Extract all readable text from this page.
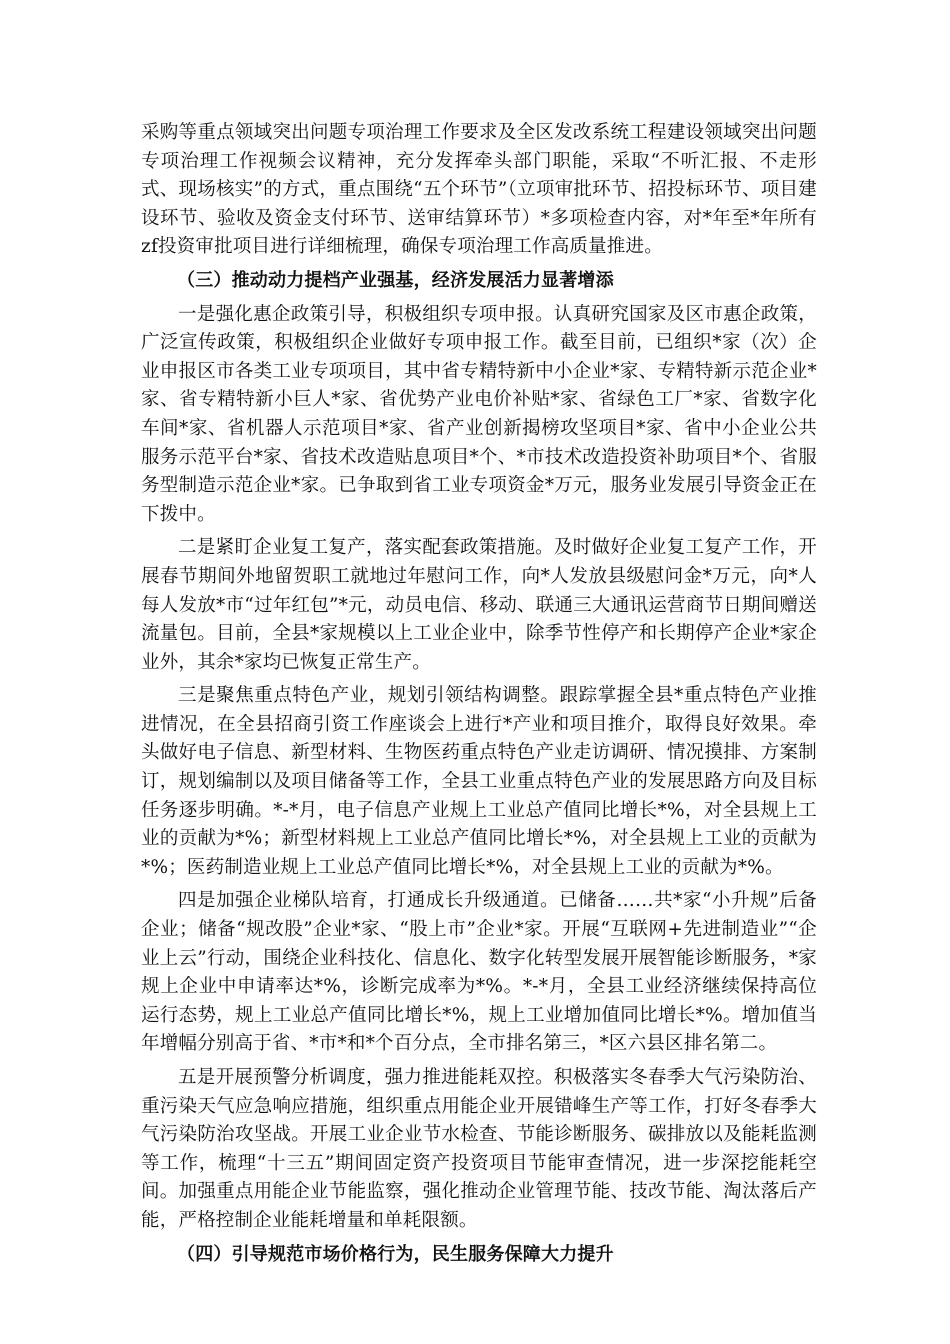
采购等重点领域突出问题专项治理工作要求及全区发改系统工程建设领域突出问题专项治理工作视频会议精神，充分发挥牵头部门职能，采取“不听汇报、不走形式、现场核实”的方式，重点围绕“五个环节”（立项审批环节、招投标环节、项目建设环节、验收及资金支付环节、送审结算环节）*多项检查内容，对*年至*年所有zf投资审批项目进行详细梳理，确保专项治理工作高质量推进。

（三）推动动力提档产业强基，经济发展活力显著增添

一是强化惠企政策引导，积极组织专项申报。认真研究国家及区市惠企政策，广泛宣传政策，积极组织企业做好专项申报工作。截至目前，已组织*家（次）企业申报区市各类工业专项项目，其中省专精特新中小企业*家、专精特新示范企业*家、省专精特新小巨人*家、省优势产业电价补贴*家、省绿色工厂*家、省数字化车间*家、省机器人示范项目*家、省产业创新揭榜攻坚项目*家、省中小企业公共服务示范平台*家、省技术改造贴息项目*个、*市技术改造投资补助项目*个、省服务型制造示范企业*家。已争取到省工业专项资金*万元，服务业发展引导资金正在下拨中。

二是紧盯企业复工复产，落实配套政策措施。及时做好企业复工复产工作，开展春节期间外地留贺职工就地过年慰问工作，向*人发放县级慰问金*万元，向*人每人发放*市“过年红包”*元，动员电信、移动、联通三大通讯运营商节日期间赠送流量包。目前，全县*家规模以上工业企业中，除季节性停产和长期停产企业*家企业外，其余*家均已恢复正常生产。

三是聚焦重点特色产业，规划引领结构调整。跟踪掌握全县*重点特色产业推进情况，在全县招商引资工作座谈会上进行*产业和项目推介，取得良好效果。牵头做好电子信息、新型材料、生物医药重点特色产业走访调研、情况摸排、方案制订，规划编制以及项目储备等工作，全县工业重点特色产业的发展思路方向及目标任务逐步明确。*-*月，电子信息产业规上工业总产值同比增长*%，对全县规上工业的贡献为*%；新型材料规上工业总产值同比增长*%，对全县规上工业的贡献为*%；医药制造业规上工业总产值同比增长*%，对全县规上工业的贡献为*%。

四是加强企业梯队培育，打通成长升级通道。已储备……共*家“小升规”后备企业；储备“规改股”企业*家、“股上市”企业*家。开展“互联网+先进制造业”“企业上云”行动，围绕企业科技化、信息化、数字化转型发展开展智能诊断服务，*家规上企业中申请率达*%，诊断完成率为*%。*-*月，全县工业经济继续保持高位运行态势，规上工业总产值同比增长*%，规上工业增加值同比增长*%。增加值当年增幅分别高于省、*市*和*个百分点，全市排名第三，*区六县区排名第二。

五是开展预警分析调度，强力推进能耗双控。积极落实冬春季大气污染防治、重污染天气应急响应措施，组织重点用能企业开展错峰生产等工作，打好冬春季大气污染防治攻坚战。开展工业企业节水检查、节能诊断服务、碳排放以及能耗监测等工作，梳理“十三五”期间固定资产投资项目节能审查情况，进一步深挖能耗空间。加强重点用能企业节能监察，强化推动企业管理节能、技改节能、淘汰落后产能，严格控制企业能耗增量和单耗限额。

（四）引导规范市场价格行为，民生服务保障大力提升
